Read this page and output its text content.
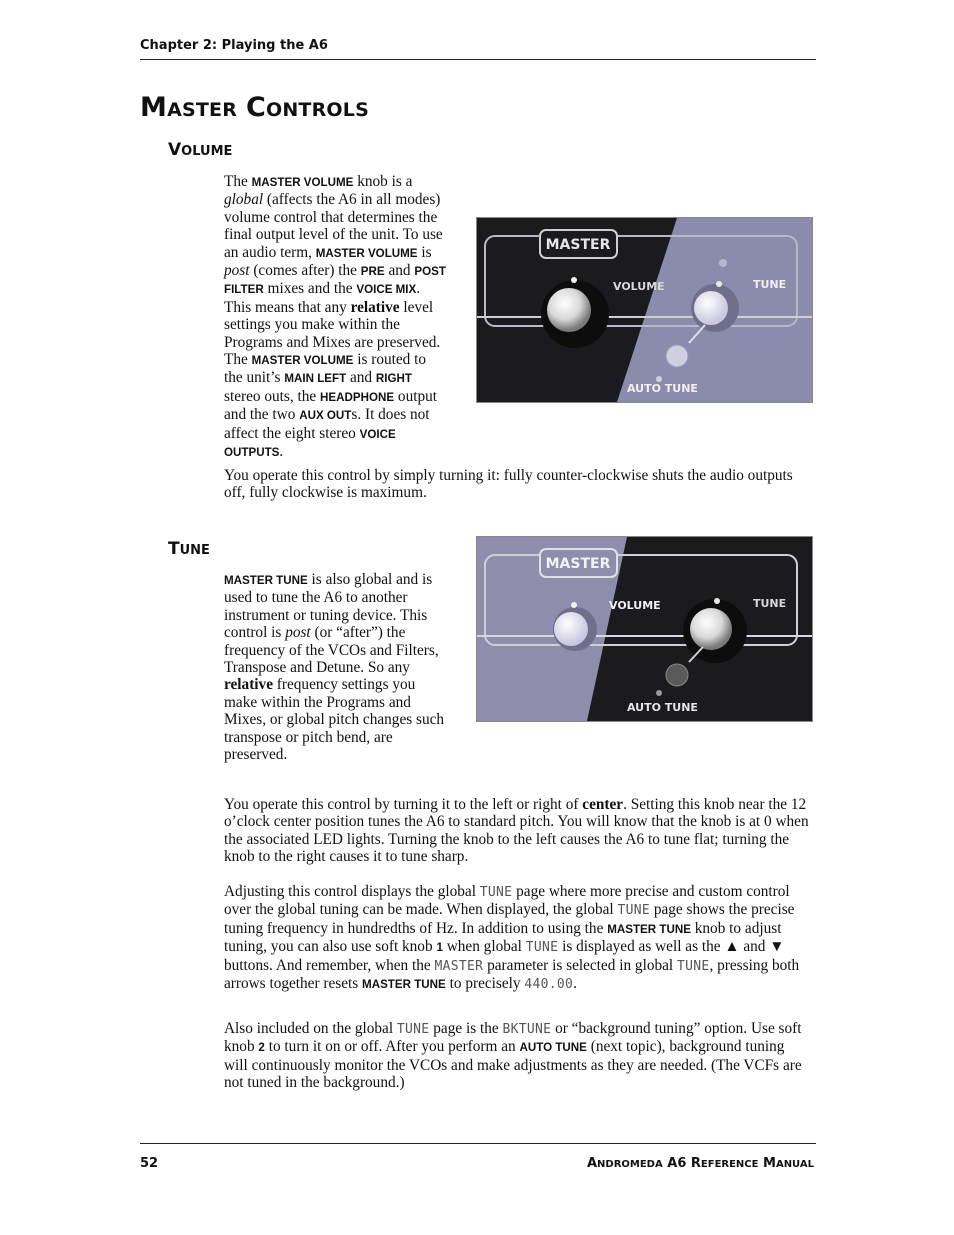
Chapter 2: Playing the A6
MASTER CONTROLS
VOLUME

The MASTER VOLUME knob is a global (affects the A6 in all modes) volume control that determines the final output level of the unit. To use an audio term, MASTER VOLUME is post (comes after) the PRE and POST FILTER mixes and the VOICE MIX. This means that any relative level settings you make within the Programs and Mixes are preserved. The MASTER VOLUME is routed to the unit’s MAIN LEFT and RIGHT stereo outs, the HEADPHONE output and the two AUX OUTs. It does not affect the eight stereo VOICE OUTPUTS.

MASTER
VOLUME	TUNE
AUTO TUNE

You operate this control by simply turning it: fully counter-clockwise shuts the audio outputs off, fully clockwise is maximum.

TUNE
MASTER
VOLUME	TUNE
AUTO TUNE

MASTER TUNE is also global and is used to tune the A6 to another instrument or tuning device. This control is post (or “after”) the frequency of the VCOs and Filters, Transpose and Detune. So any relative frequency settings you make within the Programs and Mixes, or global pitch changes such transpose or pitch bend, are preserved.

You operate this control by turning it to the left or right of center. Setting this knob near the 12 o’clock center position tunes the A6 to standard pitch. You will know that the knob is at 0 when the associated LED lights. Turning the knob to the left causes the A6 to tune flat; turning the knob to the right causes it to tune sharp.

Adjusting this control displays the global TUNE page where more precise and custom control over the global tuning can be made. When displayed, the global TUNE page shows the precise tuning frequency in hundredths of Hz. In addition to using the MASTER TUNE knob to adjust tuning, you can also use soft knob 1 when global TUNE is displayed as well as the ▲ and ▼ buttons. And remember, when the MASTER parameter is selected in global TUNE, pressing both arrows together resets MASTER TUNE to precisely 440.00.

Also included on the global TUNE page is the BKTUNE or “background tuning” option. Use soft knob 2 to turn it on or off. After you perform an AUTO TUNE (next topic), background tuning will continuously monitor the VCOs and make adjustments as they are needed. (The VCFs are not tuned in the background.)

52	ANDROMEDA A6 REFERENCE MANUAL
